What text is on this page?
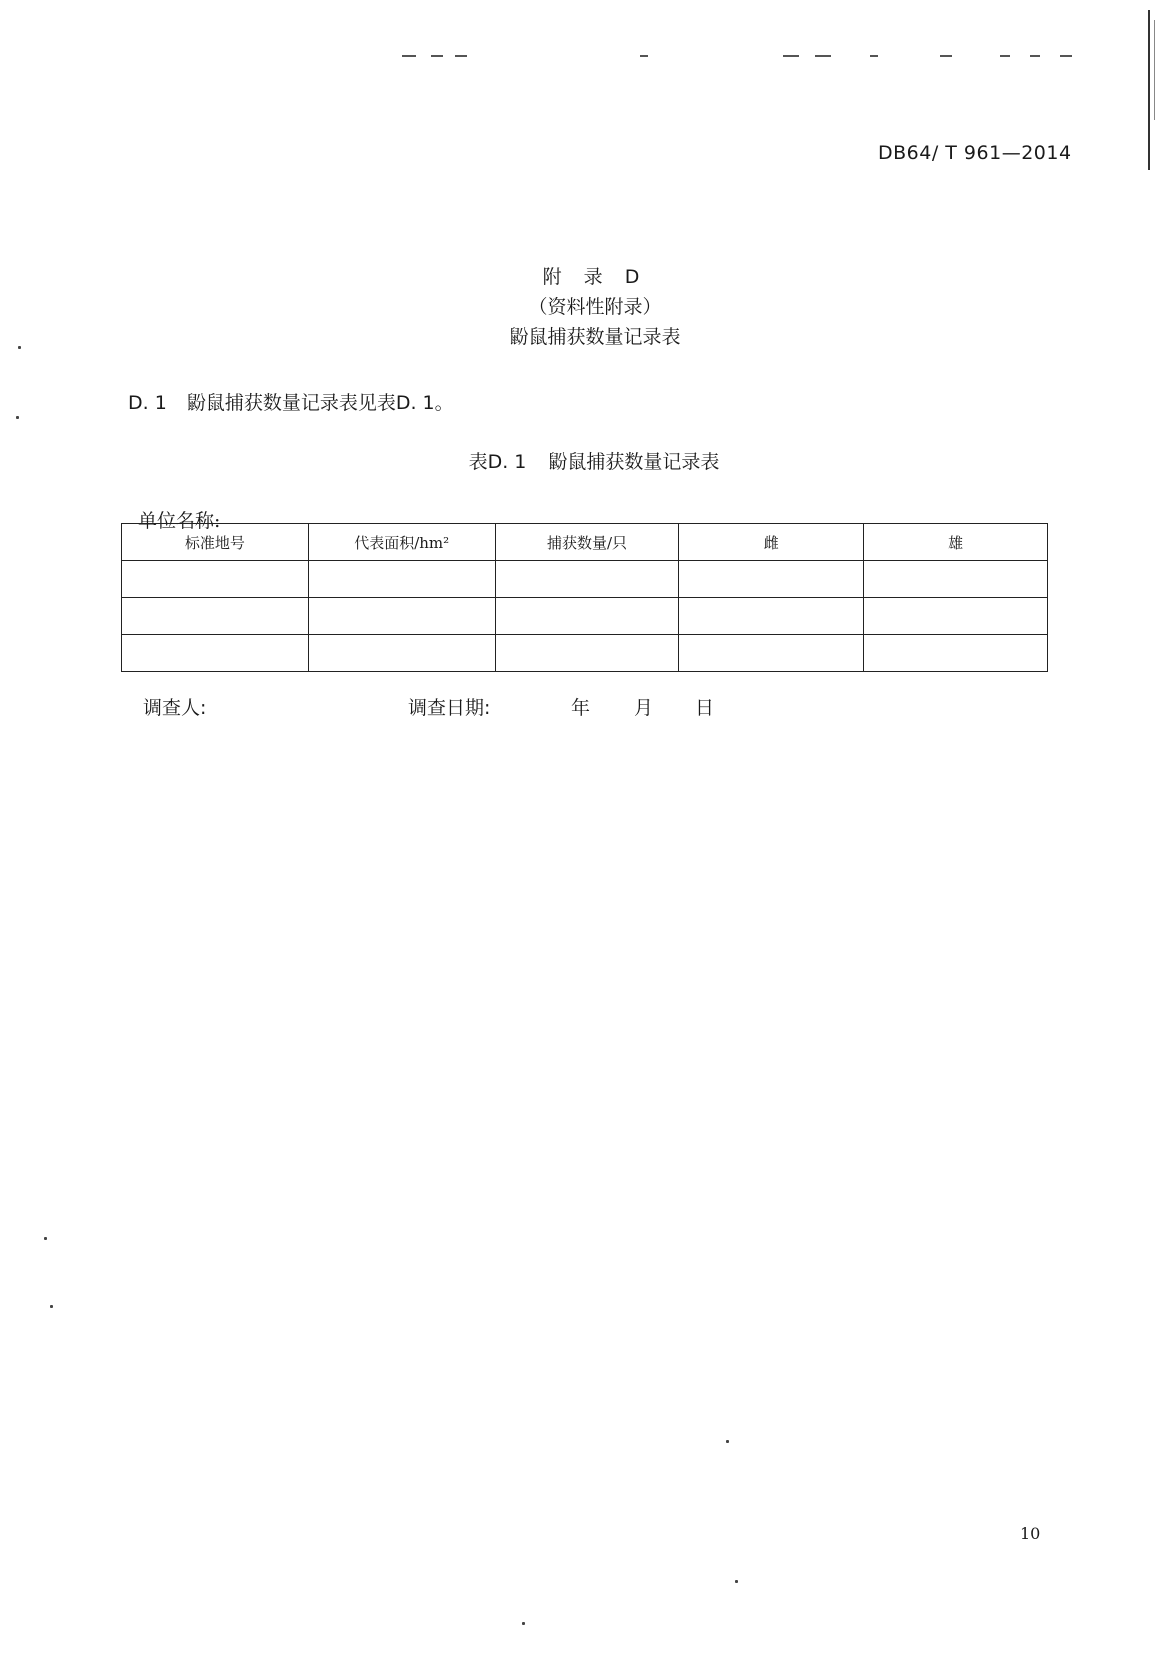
DB64/ T 961—2014
附 录 D
（资料性附录）
鼢鼠捕获数量记录表
D. 1 鼢鼠捕获数量记录表见表D. 1。
表D. 1 鼢鼠捕获数量记录表
单位名称:
标准地号	代表面积/hm²	捕获数量/只	雌	雄

调查人:	调查日期:	年 月 日
10
